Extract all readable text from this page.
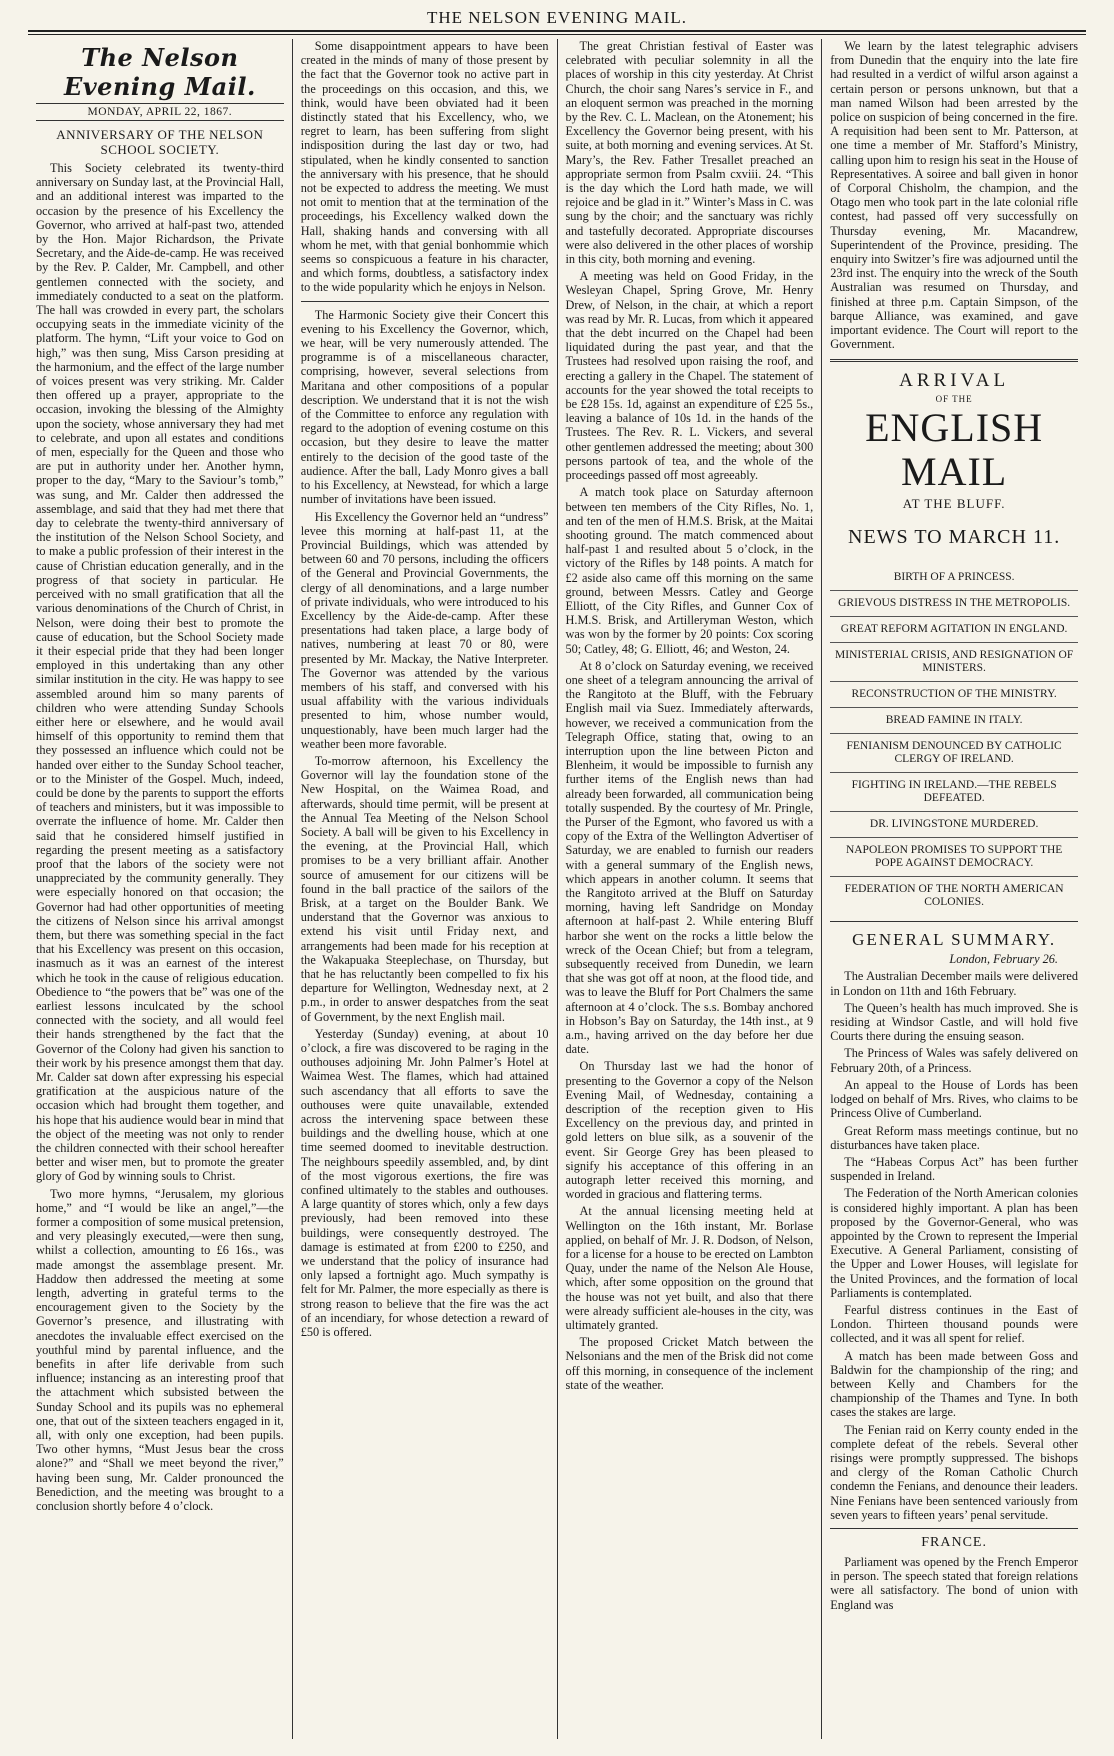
THE NELSON EVENING MAIL.
The Nelson Evening Mail.
MONDAY, APRIL 22, 1867.
ANNIVERSARY OF THE NELSON SCHOOL SOCIETY.

This Society celebrated its twenty-third anniversary on Sunday last, at the Provincial Hall, and an additional interest was imparted to the occasion by the presence of his Excellency the Governor, who arrived at half-past two, attended by the Hon. Major Richardson, the Private Secretary, and the Aide-de-camp. He was received by the Rev. P. Calder, Mr. Campbell, and other gentlemen connected with the society, and immediately conducted to a seat on the platform. The hall was crowded in every part, the scholars occupying seats in the immediate vicinity of the platform. The hymn, “Lift your voice to God on high,” was then sung, Miss Carson presiding at the harmonium, and the effect of the large number of voices present was very striking. Mr. Calder then offered up a prayer, appropriate to the occasion, invoking the blessing of the Almighty upon the society, whose anniversary they had met to celebrate, and upon all estates and conditions of men, especially for the Queen and those who are put in authority under her. Another hymn, proper to the day, “Mary to the Saviour’s tomb,” was sung, and Mr. Calder then addressed the assemblage, and said that they had met there that day to celebrate the twenty-third anniversary of the institution of the Nelson School Society, and to make a public profession of their interest in the cause of Christian education generally, and in the progress of that society in particular. He perceived with no small gratification that all the various denominations of the Church of Christ, in Nelson, were doing their best to promote the cause of education, but the School Society made it their especial pride that they had been longer employed in this undertaking than any other similar institution in the city. He was happy to see assembled around him so many parents of children who were attending Sunday Schools either here or elsewhere, and he would avail himself of this opportunity to remind them that they possessed an influence which could not be handed over either to the Sunday School teacher, or to the Minister of the Gospel. Much, indeed, could be done by the parents to support the efforts of teachers and ministers, but it was impossible to overrate the influence of home. Mr. Calder then said that he considered himself justified in regarding the present meeting as a satisfactory proof that the labors of the society were not unappreciated by the community generally. They were especially honored on that occasion; the Governor had had other opportunities of meeting the citizens of Nelson since his arrival amongst them, but there was something special in the fact that his Excellency was present on this occasion, inasmuch as it was an earnest of the interest which he took in the cause of religious education. Obedience to “the powers that be” was one of the earliest lessons inculcated by the school connected with the society, and all would feel their hands strengthened by the fact that the Governor of the Colony had given his sanction to their work by his presence amongst them that day. Mr. Calder sat down after expressing his especial gratification at the auspicious nature of the occasion which had brought them together, and his hope that his audience would bear in mind that the object of the meeting was not only to render the children connected with their school hereafter better and wiser men, but to promote the greater glory of God by winning souls to Christ.

Two more hymns, “Jerusalem, my glorious home,” and “I would be like an angel,”—the former a composition of some musical pretension, and very pleasingly executed,—were then sung, whilst a collection, amounting to £6 16s., was made amongst the assemblage present. Mr. Haddow then addressed the meeting at some length, adverting in grateful terms to the encouragement given to the Society by the Governor’s presence, and illustrating with anecdotes the invaluable effect exercised on the youthful mind by parental influence, and the benefits in after life derivable from such influence; instancing as an interesting proof that the attachment which subsisted between the Sunday School and its pupils was no ephemeral one, that out of the sixteen teachers engaged in it, all, with only one exception, had been pupils. Two other hymns, “Must Jesus bear the cross alone?” and “Shall we meet beyond the river,” having been sung, Mr. Calder pronounced the Benediction, and the meeting was brought to a conclusion shortly before 4 o’clock.

Some disappointment appears to have been created in the minds of many of those present by the fact that the Governor took no active part in the proceedings on this occasion, and this, we think, would have been obviated had it been distinctly stated that his Excellency, who, we regret to learn, has been suffering from slight indisposition during the last day or two, had stipulated, when he kindly consented to sanction the anniversary with his presence, that he should not be expected to address the meeting. We must not omit to mention that at the termination of the proceedings, his Excellency walked down the Hall, shaking hands and conversing with all whom he met, with that genial bonhommie which seems so conspicuous a feature in his character, and which forms, doubtless, a satisfactory index to the wide popularity which he enjoys in Nelson.

The Harmonic Society give their Concert this evening to his Excellency the Governor, which, we hear, will be very numerously attended. The programme is of a miscellaneous character, comprising, however, several selections from Maritana and other compositions of a popular description. We understand that it is not the wish of the Committee to enforce any regulation with regard to the adoption of evening costume on this occasion, but they desire to leave the matter entirely to the decision of the good taste of the audience. After the ball, Lady Monro gives a ball to his Excellency, at Newstead, for which a large number of invitations have been issued.

His Excellency the Governor held an “undress” levee this morning at half-past 11, at the Provincial Buildings, which was attended by between 60 and 70 persons, including the officers of the General and Provincial Governments, the clergy of all denominations, and a large number of private individuals, who were introduced to his Excellency by the Aide-de-camp. After these presentations had taken place, a large body of natives, numbering at least 70 or 80, were presented by Mr. Mackay, the Native Interpreter. The Governor was attended by the various members of his staff, and conversed with his usual affability with the various individuals presented to him, whose number would, unquestionably, have been much larger had the weather been more favorable.

To-morrow afternoon, his Excellency the Governor will lay the foundation stone of the New Hospital, on the Waimea Road, and afterwards, should time permit, will be present at the Annual Tea Meeting of the Nelson School Society. A ball will be given to his Excellency in the evening, at the Provincial Hall, which promises to be a very brilliant affair. Another source of amusement for our citizens will be found in the ball practice of the sailors of the Brisk, at a target on the Boulder Bank. We understand that the Governor was anxious to extend his visit until Friday next, and arrangements had been made for his reception at the Wakapuaka Steeplechase, on Thursday, but that he has reluctantly been compelled to fix his departure for Wellington, Wednesday next, at 2 p.m., in order to answer despatches from the seat of Government, by the next English mail.

Yesterday (Sunday) evening, at about 10 o’clock, a fire was discovered to be raging in the outhouses adjoining Mr. John Palmer’s Hotel at Waimea West. The flames, which had attained such ascendancy that all efforts to save the outhouses were quite unavailable, extended across the intervening space between these buildings and the dwelling house, which at one time seemed doomed to inevitable destruction. The neighbours speedily assembled, and, by dint of the most vigorous exertions, the fire was confined ultimately to the stables and outhouses. A large quantity of stores which, only a few days previously, had been removed into these buildings, were consequently destroyed. The damage is estimated at from £200 to £250, and we understand that the policy of insurance had only lapsed a fortnight ago. Much sympathy is felt for Mr. Palmer, the more especially as there is strong reason to believe that the fire was the act of an incendiary, for whose detection a reward of £50 is offered.

The great Christian festival of Easter was celebrated with peculiar solemnity in all the places of worship in this city yesterday. At Christ Church, the choir sang Nares’s service in F., and an eloquent sermon was preached in the morning by the Rev. C. L. Maclean, on the Atonement; his Excellency the Governor being present, with his suite, at both morning and evening services. At St. Mary’s, the Rev. Father Tresallet preached an appropriate sermon from Psalm cxviii. 24. “This is the day which the Lord hath made, we will rejoice and be glad in it.” Winter’s Mass in C. was sung by the choir; and the sanctuary was richly and tastefully decorated. Appropriate discourses were also delivered in the other places of worship in this city, both morning and evening.

A meeting was held on Good Friday, in the Wesleyan Chapel, Spring Grove, Mr. Henry Drew, of Nelson, in the chair, at which a report was read by Mr. R. Lucas, from which it appeared that the debt incurred on the Chapel had been liquidated during the past year, and that the Trustees had resolved upon raising the roof, and erecting a gallery in the Chapel. The statement of accounts for the year showed the total receipts to be £28 15s. 1d, against an expenditure of £25 5s., leaving a balance of 10s 1d. in the hands of the Trustees. The Rev. R. L. Vickers, and several other gentlemen addressed the meeting; about 300 persons partook of tea, and the whole of the proceedings passed off most agreeably.

A match took place on Saturday afternoon between ten members of the City Rifles, No. 1, and ten of the men of H.M.S. Brisk, at the Maitai shooting ground. The match commenced about half-past 1 and resulted about 5 o’clock, in the victory of the Rifles by 148 points. A match for £2 aside also came off this morning on the same ground, between Messrs. Catley and George Elliott, of the City Rifles, and Gunner Cox of H.M.S. Brisk, and Artilleryman Weston, which was won by the former by 20 points: Cox scoring 50; Catley, 48; G. Elliott, 46; and Weston, 24.

At 8 o’clock on Saturday evening, we received one sheet of a telegram announcing the arrival of the Rangitoto at the Bluff, with the February English mail via Suez. Immediately afterwards, however, we received a communication from the Telegraph Office, stating that, owing to an interruption upon the line between Picton and Blenheim, it would be impossible to furnish any further items of the English news than had already been forwarded, all communication being totally suspended. By the courtesy of Mr. Pringle, the Purser of the Egmont, who favored us with a copy of the Extra of the Wellington Advertiser of Saturday, we are enabled to furnish our readers with a general summary of the English news, which appears in another column. It seems that the Rangitoto arrived at the Bluff on Saturday morning, having left Sandridge on Monday afternoon at half-past 2. While entering Bluff harbor she went on the rocks a little below the wreck of the Ocean Chief; but from a telegram, subsequently received from Dunedin, we learn that she was got off at noon, at the flood tide, and was to leave the Bluff for Port Chalmers the same afternoon at 4 o’clock. The s.s. Bombay anchored in Hobson’s Bay on Saturday, the 14th inst., at 9 a.m., having arrived on the day before her due date.

On Thursday last we had the honor of presenting to the Governor a copy of the Nelson Evening Mail, of Wednesday, containing a description of the reception given to His Excellency on the previous day, and printed in gold letters on blue silk, as a souvenir of the event. Sir George Grey has been pleased to signify his acceptance of this offering in an autograph letter received this morning, and worded in gracious and flattering terms.

At the annual licensing meeting held at Wellington on the 16th instant, Mr. Borlase applied, on behalf of Mr. J. R. Dodson, of Nelson, for a license for a house to be erected on Lambton Quay, under the name of the Nelson Ale House, which, after some opposition on the ground that the house was not yet built, and also that there were already sufficient ale-houses in the city, was ultimately granted.

The proposed Cricket Match between the Nelsonians and the men of the Brisk did not come off this morning, in consequence of the inclement state of the weather.

We learn by the latest telegraphic advisers from Dunedin that the enquiry into the late fire had resulted in a verdict of wilful arson against a certain person or persons unknown, but that a man named Wilson had been arrested by the police on suspicion of being concerned in the fire. A requisition had been sent to Mr. Patterson, at one time a member of Mr. Stafford’s Ministry, calling upon him to resign his seat in the House of Representatives. A soiree and ball given in honor of Corporal Chisholm, the champion, and the Otago men who took part in the late colonial rifle contest, had passed off very successfully on Thursday evening, Mr. Macandrew, Superintendent of the Province, presiding. The enquiry into Switzer’s fire was adjourned until the 23rd inst. The enquiry into the wreck of the South Australian was resumed on Thursday, and finished at three p.m. Captain Simpson, of the barque Alliance, was examined, and gave important evidence. The Court will report to the Government.

ARRIVAL
OF THE
ENGLISH MAIL
AT THE BLUFF.
NEWS TO MARCH 11.
BIRTH OF A PRINCESS.
GRIEVOUS DISTRESS IN THE METROPOLIS.
GREAT REFORM AGITATION IN ENGLAND.
MINISTERIAL CRISIS, AND RESIGNATION OF MINISTERS.
RECONSTRUCTION OF THE MINISTRY.
BREAD FAMINE IN ITALY.
FENIANISM DENOUNCED BY CATHOLIC CLERGY OF IRELAND.
FIGHTING IN IRELAND.—THE REBELS DEFEATED.
DR. LIVINGSTONE MURDERED.
NAPOLEON PROMISES TO SUPPORT THE POPE AGAINST DEMOCRACY.
FEDERATION OF THE NORTH AMERICAN COLONIES.
GENERAL SUMMARY.
London, February 26.

The Australian December mails were delivered in London on 11th and 16th February.

The Queen’s health has much improved. She is residing at Windsor Castle, and will hold five Courts there during the ensuing season.

The Princess of Wales was safely delivered on February 20th, of a Princess.

An appeal to the House of Lords has been lodged on behalf of Mrs. Rives, who claims to be Princess Olive of Cumberland.

Great Reform mass meetings continue, but no disturbances have taken place.

The “Habeas Corpus Act” has been further suspended in Ireland.

The Federation of the North American colonies is considered highly important. A plan has been proposed by the Governor-General, who was appointed by the Crown to represent the Imperial Executive. A General Parliament, consisting of the Upper and Lower Houses, will legislate for the United Provinces, and the formation of local Parliaments is contemplated.

Fearful distress continues in the East of London. Thirteen thousand pounds were collected, and it was all spent for relief.

A match has been made between Goss and Baldwin for the championship of the ring; and between Kelly and Chambers for the championship of the Thames and Tyne. In both cases the stakes are large.

The Fenian raid on Kerry county ended in the complete defeat of the rebels. Several other risings were promptly suppressed. The bishops and clergy of the Roman Catholic Church condemn the Fenians, and denounce their leaders. Nine Fenians have been sentenced variously from seven years to fifteen years’ penal servitude.

FRANCE.

Parliament was opened by the French Emperor in person. The speech stated that foreign relations were all satisfactory. The bond of union with England was
